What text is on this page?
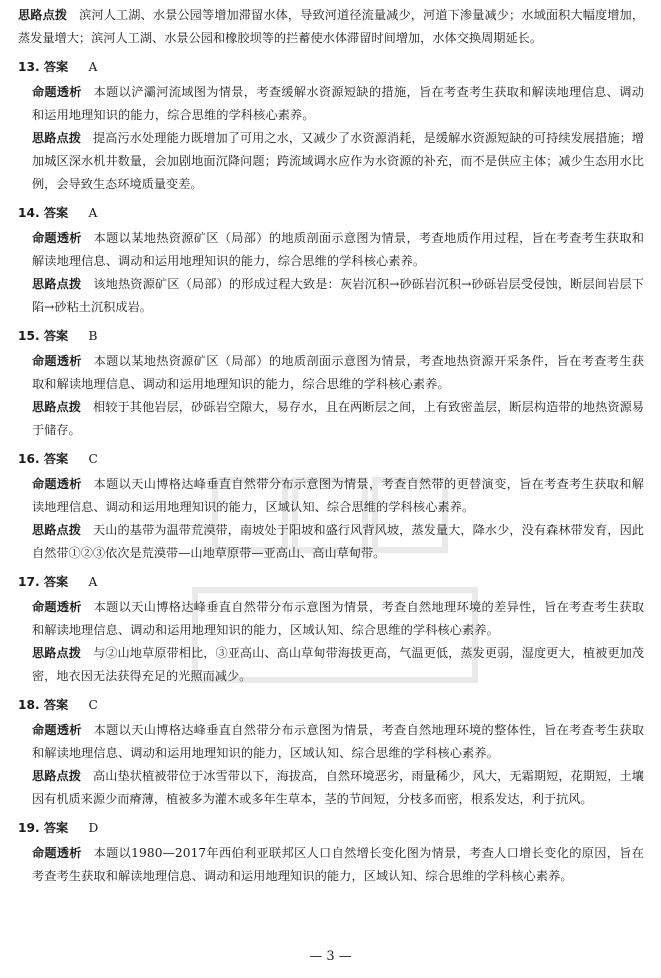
思路点拨 滨河人工湖、水景公园等增加滞留水体，导致河道径流量减少，河道下渗量减少；水域面积大幅度增加，蒸发量增大；滨河人工湖、水景公园和橡胶坝等的拦蓄使水体滞留时间增加，水体交换周期延长。

13. 答案 A

命题透析 本题以浐灞河流域图为情景，考查缓解水资源短缺的措施，旨在考查考生获取和解读地理信息、调动和运用地理知识的能力，综合思维的学科核心素养。

思路点拨 提高污水处理能力既增加了可用之水，又减少了水资源消耗，是缓解水资源短缺的可持续发展措施；增加城区深水机井数量，会加剧地面沉降问题；跨流域调水应作为水资源的补充，而不是供应主体；减少生态用水比例，会导致生态环境质量变差。

14. 答案 A

命题透析 本题以某地热资源矿区（局部）的地质剖面示意图为情景，考查地质作用过程，旨在考查考生获取和解读地理信息、调动和运用地理知识的能力，综合思维的学科核心素养。

思路点拨 该地热资源矿区（局部）的形成过程大致是：灰岩沉积→砂砾岩沉积→砂砾岩层受侵蚀，断层间岩层下陷→砂粘土沉积成岩。

15. 答案 B

命题透析 本题以某地热资源矿区（局部）的地质剖面示意图为情景，考查地热资源开采条件，旨在考查考生获取和解读地理信息、调动和运用地理知识的能力，综合思维的学科核心素养。

思路点拨 相较于其他岩层，砂砾岩空隙大，易存水，且在两断层之间，上有致密盖层，断层构造带的地热资源易于储存。

16. 答案 C

命题透析 本题以天山博格达峰垂直自然带分布示意图为情景，考查自然带的更替演变，旨在考查考生获取和解读地理信息、调动和运用地理知识的能力，区域认知、综合思维的学科核心素养。

思路点拨 天山的基带为温带荒漠带，南坡处于阳坡和盛行风背风坡，蒸发量大，降水少，没有森林带发育，因此自然带①②③依次是荒漠带—山地草原带—亚高山、高山草甸带。

17. 答案 A

命题透析 本题以天山博格达峰垂直自然带分布示意图为情景，考查自然地理环境的差异性，旨在考查考生获取和解读地理信息、调动和运用地理知识的能力，区域认知、综合思维的学科核心素养。

思路点拨 与②山地草原带相比，③亚高山、高山草甸带海拔更高，气温更低，蒸发更弱，湿度更大，植被更加茂密，地衣因无法获得充足的光照而减少。

18. 答案 C

命题透析 本题以天山博格达峰垂直自然带分布示意图为情景，考查自然地理环境的整体性，旨在考查考生获取和解读地理信息、调动和运用地理知识的能力，区域认知、综合思维的学科核心素养。

思路点拨 高山垫状植被带位于冰雪带以下，海拔高，自然环境恶劣，雨量稀少，风大，无霜期短，花期短，土壤因有机质来源少而瘠薄，植被多为灌木或多年生草本，茎的节间短，分枝多而密，根系发达，利于抗风。

19. 答案 D

命题透析 本题以1980—2017年西伯利亚联邦区人口自然增长变化图为情景，考查人口增长变化的原因，旨在考查考生获取和解读地理信息、调动和运用地理知识的能力，区域认知、综合思维的学科核心素养。

— 3 —
